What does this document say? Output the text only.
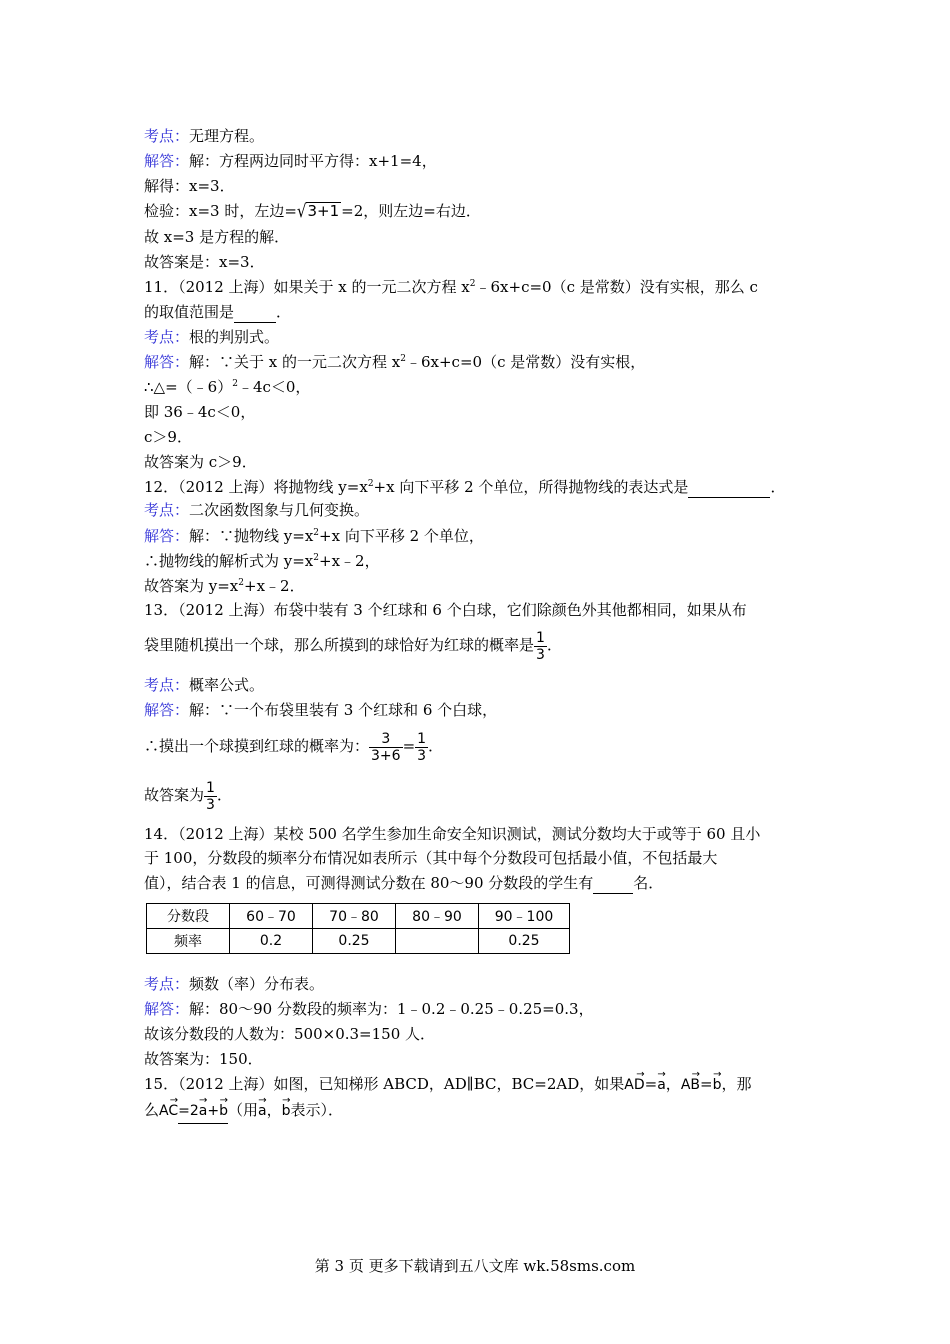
考点：无理方程。
解答：解：方程两边同时平方得：x+1=4，
解得：x=3．
检验：x=3 时，左边=√3+1 =2，则左边=右边．
故 x=3 是方程的解．
故答案是：x=3．
11．（2012 上海）如果关于 x 的一元二次方程 $x^2﹣6x+c=0(c$ 是常数）没有实根，那么 c
的取值范围是	．
考点：根的判别式。
解答：解：∵关于 x 的一元二次方程 $x^2﹣6x+c=0(c$ 是常数）没有实根，
∴△=（﹣6）$^2$﹣4c＜0，
即 36﹣4c＜0，
c＞9．
故答案为 c＞9．
12．（2012 上海）将抛物线 $y=x^2+x$ 向下平移 2 个单位，所得抛物线的表达式是	．
考点：二次函数图象与几何变换。
解答：解：∵抛物线 $y=x^2+x$ 向下平移 2 个单位，
∴抛物线的解析式为 $y=x^2+x﹣2$，
故答案为 $y=x^2+x﹣2$．
13．（2012 上海）布袋中装有 3 个红球和 6 个白球，它们除颜色外其他都相同，如果从布
袋里随机摸出一个球，那么所摸到的球恰好为红球的概率是 $\frac{1}{3}$ ．
考点：概率公式。
解答：解：∵一个布袋里装有 3 个红球和 6 个白球，
∴摸出一个球摸到红球的概率为： $\frac{3}{3+6} = \frac{1}{3}$ ．
故答案为 $\frac{1}{3}$ ．
14．（2012 上海）某校 500 名学生参加生命安全知识测试，测试分数均大于或等于 60 且小
于 100，分数段的频率分布情况如表所示（其中每个分数段可包括最小值，不包括最大
值），结合表 1 的信息，可测得测试分数在 80～90 分数段的学生有	名．
分数段	60﹣70	70﹣80	80﹣90	90﹣100
频率	0.2	0.25		0.25
考点：频数（率）分布表。
解答：解：80～90 分数段的频率为：1﹣0.2﹣0.25﹣0.25=0.3，
故该分数段的人数为：500×0.3=150 人．
故答案为：150．
15．（2012 上海）如图，已知梯形 ABCD，AD∥BC，BC=2AD，如果
→
AD=
→
a，
→
AB=
→
b，那
么
→
AC=2
→
a+
→
b（用
→
a，
→
b表示）．
第 3 页 更多下载请到五八文库 wk.58sms.com
